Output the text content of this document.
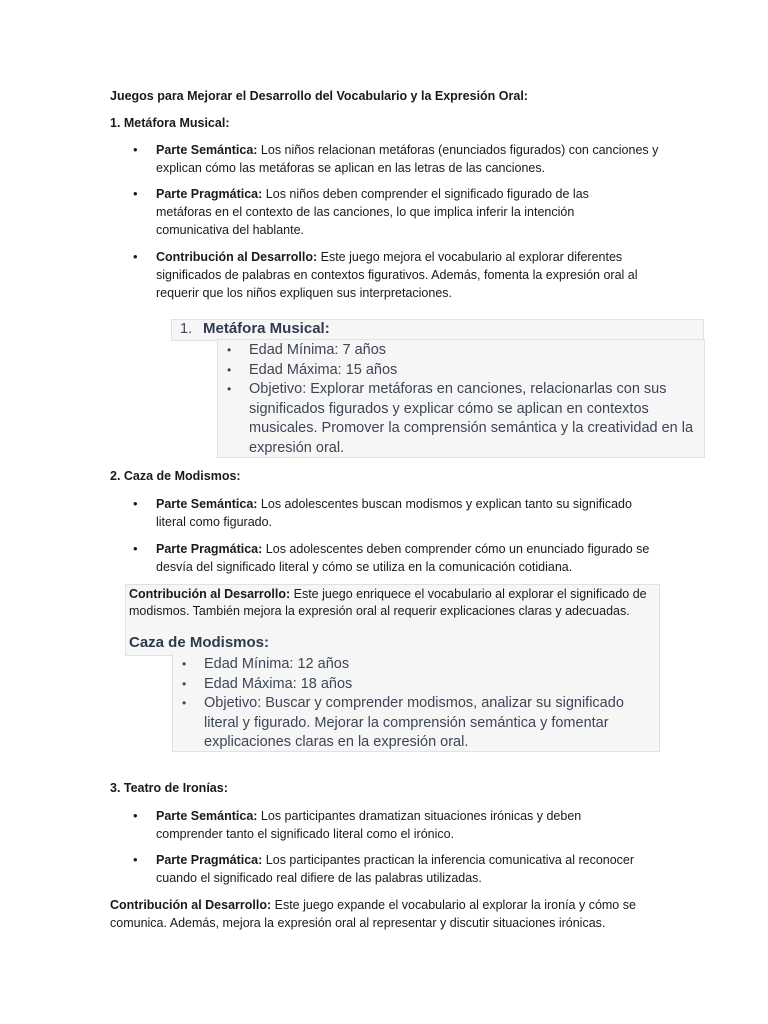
Juegos para Mejorar el Desarrollo del Vocabulario y la Expresión Oral:

1. Metáfora Musical:

• Parte Semántica: Los niños relacionan metáforas (enunciados figurados) con canciones y explican cómo las metáforas se aplican en las letras de las canciones.
• Parte Pragmática: Los niños deben comprender el significado figurado de las metáforas en el contexto de las canciones, lo que implica inferir la intención comunicativa del hablante.
• Contribución al Desarrollo: Este juego mejora el vocabulario al explorar diferentes significados de palabras en contextos figurativos. Además, fomenta la expresión oral al requerir que los niños expliquen sus interpretaciones.
1. Metáfora Musical:
• Edad Mínima: 7 años
• Edad Máxima: 15 años
• Objetivo: Explorar metáforas en canciones, relacionarlas con sus significados figurados y explicar cómo se aplican en contextos musicales. Promover la comprensión semántica y la creatividad en la expresión oral.

2. Caza de Modismos:

• Parte Semántica: Los adolescentes buscan modismos y explican tanto su significado literal como figurado.
• Parte Pragmática: Los adolescentes deben comprender cómo un enunciado figurado se desvía del significado literal y cómo se utiliza en la comunicación cotidiana.
Contribución al Desarrollo: Este juego enriquece el vocabulario al explorar el significado de modismos. También mejora la expresión oral al requerir explicaciones claras y adecuadas.
Caza de Modismos:
• Edad Mínima: 12 años
• Edad Máxima: 18 años
• Objetivo: Buscar y comprender modismos, analizar su significado literal y figurado. Mejorar la comprensión semántica y fomentar explicaciones claras en la expresión oral.

3. Teatro de Ironías:

• Parte Semántica: Los participantes dramatizan situaciones irónicas y deben comprender tanto el significado literal como el irónico.
• Parte Pragmática: Los participantes practican la inferencia comunicativa al reconocer cuando el significado real difiere de las palabras utilizadas.

Contribución al Desarrollo: Este juego expande el vocabulario al explorar la ironía y cómo se comunica. Además, mejora la expresión oral al representar y discutir situaciones irónicas.
